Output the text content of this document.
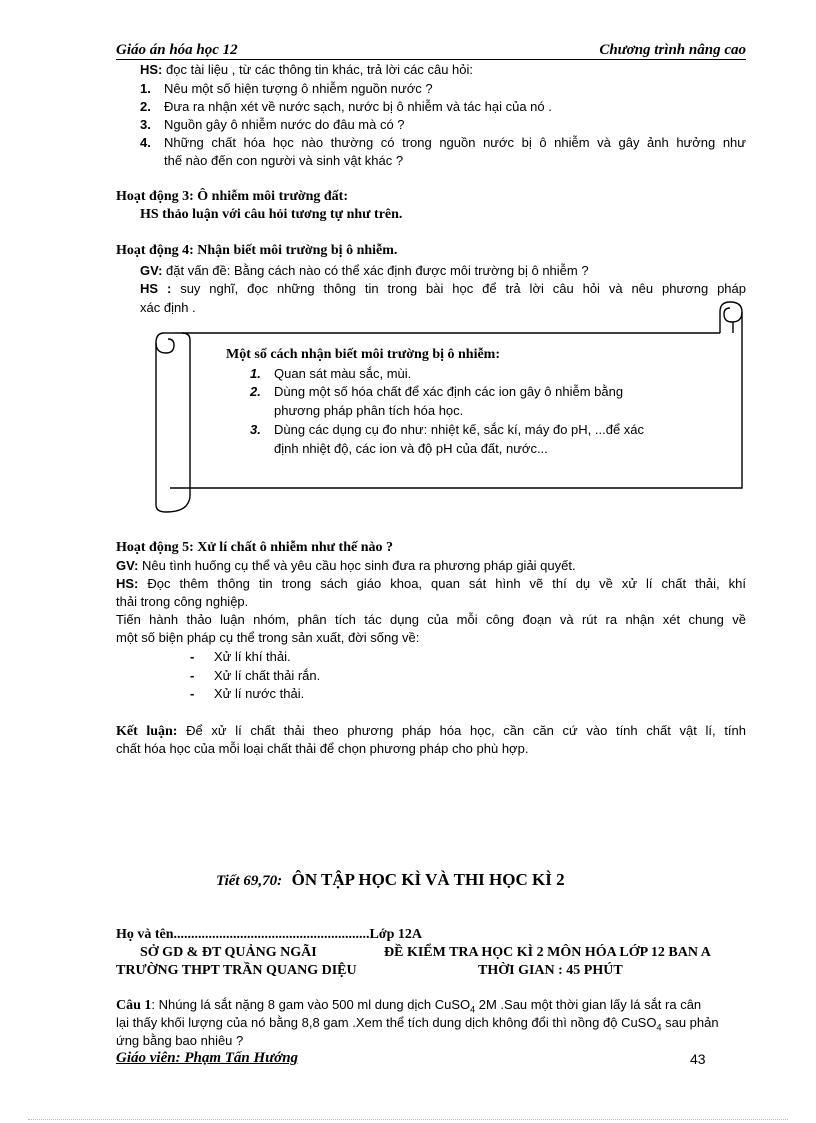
Giáo án hóa học 12	Chương trình nâng cao
HS: đọc tài liệu , từ các thông tin khác, trả lời các câu hỏi:
1. Nêu một số hiện tượng ô nhiễm nguồn nước ?
2. Đưa ra nhận xét về nước sạch, nước bị ô nhiễm và tác hại của nó .
3. Nguồn gây ô nhiễm nước do đâu mà có ?
4. Những chất hóa học nào thường có trong nguồn nước bị ô nhiễm và gây ảnh hưởng như
thế nào đến con người và sinh vật khác ?
Hoạt động 3: Ô nhiễm môi trường đất:
HS thảo luận với câu hỏi tương tự như trên.
Hoạt động 4: Nhận biết môi trường bị ô nhiễm.
GV: đặt vấn đề: Bằng cách nào có thể xác định được môi trường bị ô nhiễm ?
HS : suy nghĩ, đọc những thông tin trong bài học để trả lời câu hỏi và nêu phương pháp
xác định .
Một số cách nhận biết môi trường bị ô nhiễm:
1. Quan sát màu sắc, mùi.
2. Dùng một số hóa chất để xác định các ion gây ô nhiễm bằng
phương pháp phân tích hóa học.
3. Dùng các dụng cụ đo như: nhiệt kế, sắc kí, máy đo pH, ...để xác
định nhiệt độ, các ion và độ pH của đất, nước...
Hoạt động 5: Xử lí chất ô nhiễm như thế nào ?
GV: Nêu tình huống cụ thể và yêu cầu học sinh đưa ra phương pháp giải quyết.
HS: Đọc thêm thông tin trong sách giáo khoa, quan sát hình vẽ thí dụ về xử lí chất thải, khí
thải trong công nghiệp.
Tiến hành thảo luận nhóm, phân tích tác dụng của mỗi công đoạn và rút ra nhận xét chung về
một số biện pháp cụ thể trong sản xuất, đời sống về:
- Xử lí khí thải.
- Xử lí chất thải rắn.
- Xử lí nước thải.
Kết luận: Để xử lí chất thải theo phương pháp hóa học, cần căn cứ vào tính chất vật lí, tính
chất hóa học của mỗi loại chất thải để chọn phương pháp cho phù hợp.
Tiết 69,70: ÔN TẬP HỌC KÌ VÀ THI HỌC KÌ 2
Họ và tên........................................................Lớp 12A
SỞ GD & ĐT QUẢNG NGÃI	ĐỀ KIỂM TRA HỌC KÌ 2 MÔN HÓA LỚP 12 BAN A
TRƯỜNG THPT TRẦN QUANG DIỆU	THỜI GIAN : 45 PHÚT
Câu 1: Nhúng lá sắt nặng 8 gam vào 500 ml dung dịch CuSO$_4$ 2M .Sau một thời gian lấy lá sắt ra cân
lại thấy khối lượng của nó bằng 8,8 gam .Xem thể tích dung dịch không đổi thì nồng độ CuSO$_4$ sau phản
ứng bằng bao nhiêu ?
Giáo viên: Phạm Tấn Hướng	43
